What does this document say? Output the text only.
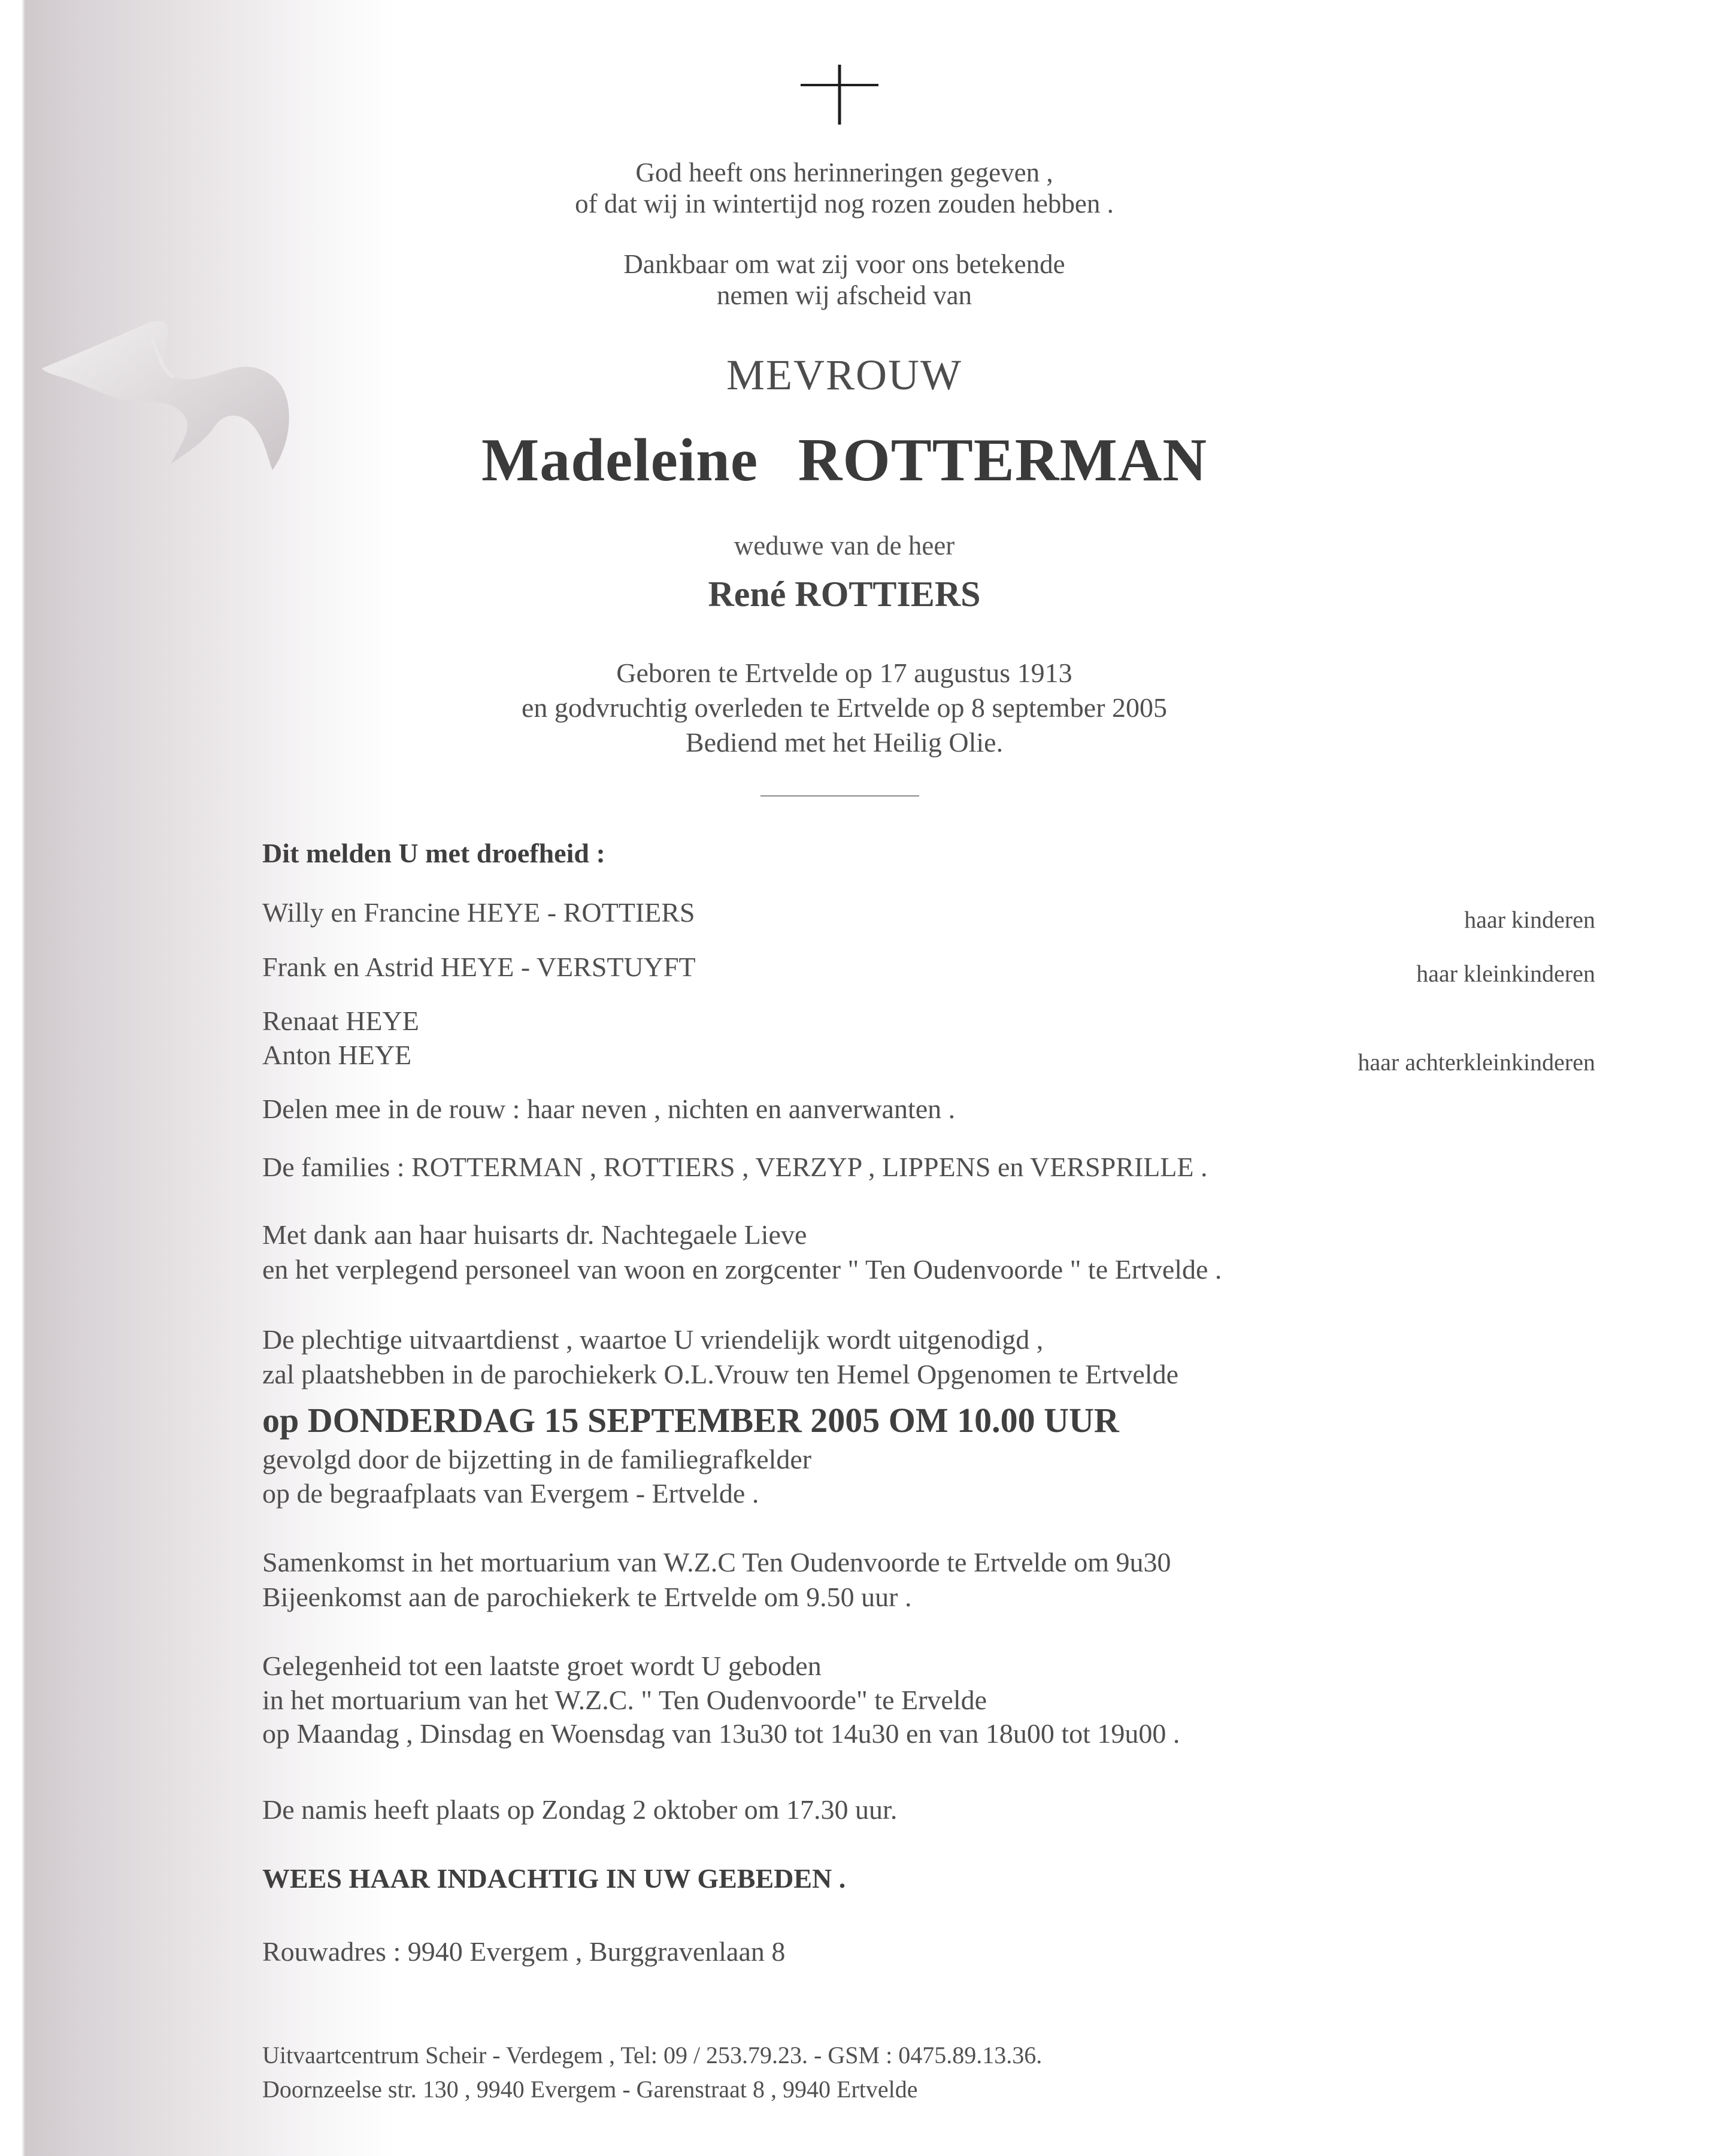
God heeft ons herinneringen gegeven ,
of dat wij in wintertijd nog rozen zouden hebben .
Dankbaar om wat zij voor ons betekende
nemen wij afscheid van
MEVROUW
Madeleine ROTTERMAN
weduwe van de heer
René ROTTIERS
Geboren te Ertvelde op 17 augustus 1913
en godvruchtig overleden te Ertvelde op 8 september 2005
Bediend met het Heilig Olie.
Dit melden U met droefheid :
Willy en Francine HEYE - ROTTIERS	haar kinderen
Frank en Astrid HEYE - VERSTUYFT	haar kleinkinderen
Renaat HEYE
Anton HEYE	haar achterkleinkinderen
Delen mee in de rouw : haar neven , nichten en aanverwanten .
De families : ROTTERMAN , ROTTIERS , VERZYP , LIPPENS en VERSPRILLE .
Met dank aan haar huisarts dr. Nachtegaele Lieve
en het verplegend personeel van woon en zorgcenter " Ten Oudenvoorde " te Ertvelde .
De plechtige uitvaartdienst , waartoe U vriendelijk wordt uitgenodigd ,
zal plaatshebben in de parochiekerk O.L.Vrouw ten Hemel Opgenomen te Ertvelde
op DONDERDAG 15 SEPTEMBER 2005 OM 10.00 UUR
gevolgd door de bijzetting in de familiegrafkelder
op de begraafplaats van Evergem - Ertvelde .
Samenkomst in het mortuarium van W.Z.C Ten Oudenvoorde te Ertvelde om 9u30
Bijeenkomst aan de parochiekerk te Ertvelde om 9.50 uur .
Gelegenheid tot een laatste groet wordt U geboden
in het mortuarium van het W.Z.C. " Ten Oudenvoorde" te Ervelde
op Maandag , Dinsdag en Woensdag van 13u30 tot 14u30 en van 18u00 tot 19u00 .
De namis heeft plaats op Zondag 2 oktober om 17.30 uur.
WEES HAAR INDACHTIG IN UW GEBEDEN .
Rouwadres : 9940 Evergem , Burggravenlaan 8
Uitvaartcentrum Scheir - Verdegem , Tel: 09 / 253.79.23. - GSM : 0475.89.13.36.
Doornzeelse str. 130 , 9940 Evergem - Garenstraat 8 , 9940 Ertvelde
